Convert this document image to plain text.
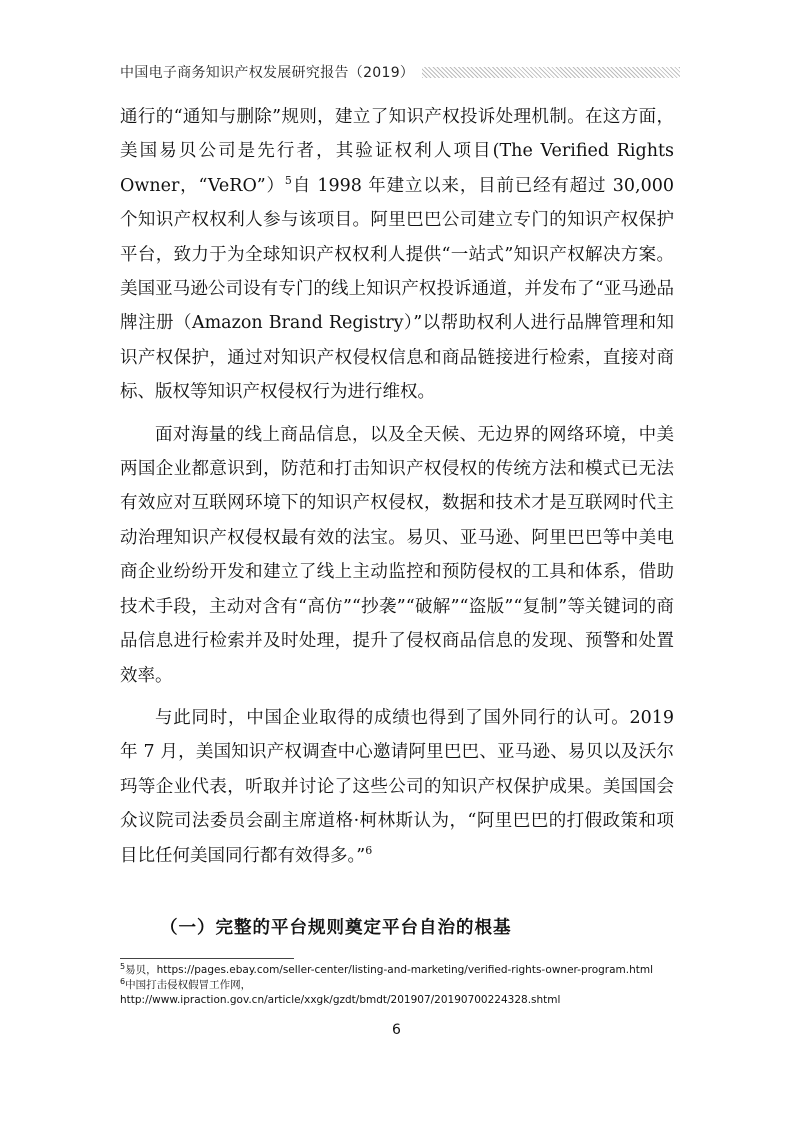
中国电子商务知识产权发展研究报告（2019）

通行的“通知与删除”规则，建立了知识产权投诉处理机制。在这方面，美国易贝公司是先行者，其验证权利人项目(The Verified Rights Owner，“VeRO”）$^5$自 1998 年建立以来，目前已经有超过 30,000 个知识产权权利人参与该项目。阿里巴巴公司建立专门的知识产权保护平台，致力于为全球知识产权权利人提供“一站式”知识产权解决方案。美国亚马逊公司设有专门的线上知识产权投诉通道，并发布了“亚马逊品牌注册（Amazon Brand Registry）”以帮助权利人进行品牌管理和知识产权保护，通过对知识产权侵权信息和商品链接进行检索，直接对商标、版权等知识产权侵权行为进行维权。

面对海量的线上商品信息，以及全天候、无边界的网络环境，中美两国企业都意识到，防范和打击知识产权侵权的传统方法和模式已无法有效应对互联网环境下的知识产权侵权，数据和技术才是互联网时代主动治理知识产权侵权最有效的法宝。易贝、亚马逊、阿里巴巴等中美电商企业纷纷开发和建立了线上主动监控和预防侵权的工具和体系，借助技术手段，主动对含有“高仿”“抄袭”“破解”“盗版”“复制”等关键词的商品信息进行检索并及时处理，提升了侵权商品信息的发现、预警和处置效率。

与此同时，中国企业取得的成绩也得到了国外同行的认可。2019 年 7 月，美国知识产权调查中心邀请阿里巴巴、亚马逊、易贝以及沃尔玛等企业代表，听取并讨论了这些公司的知识产权保护成果。美国国会众议院司法委员会副主席道格·柯林斯认为，“阿里巴巴的打假政策和项目比任何美国同行都有效得多。”$^6$

（一）完整的平台规则奠定平台自治的根基

$^5$易贝，https://pages.ebay.com/seller-center/listing-and-marketing/verified-rights-owner-program.html

$^6$中国打击侵权假冒工作网，

http://www.ipraction.gov.cn/article/xxgk/gzdt/bmdt/201907/20190700224328.shtml

6
